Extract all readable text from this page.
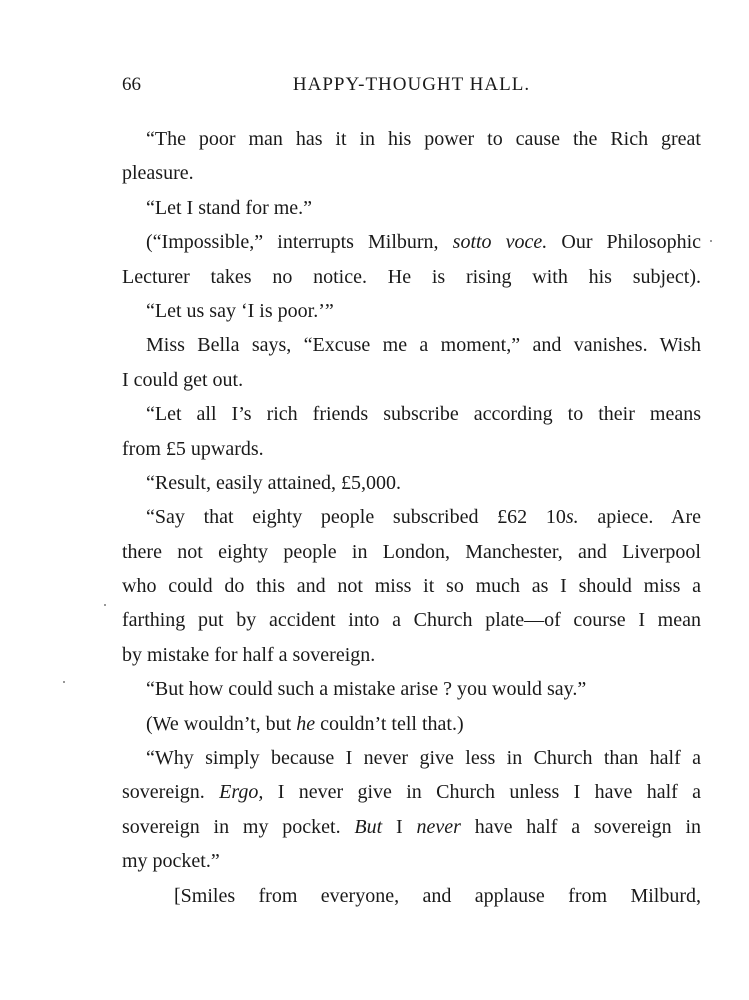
66	HAPPY-THOUGHT HALL.
“The poor man has it in his power to cause the Rich great
pleasure.
“Let I stand for me.”
(“Impossible,” interrupts Milburn, sotto voce. Our Philosophic
Lecturer takes no notice. He is rising with his subject).
“Let us say ‘I is poor.’”
Miss Bella says, “Excuse me a moment,” and vanishes. Wish
I could get out.
“Let all I’s rich friends subscribe according to their means
from £5 upwards.
“Result, easily attained, £5,000.
“Say that eighty people subscribed £62 10s. apiece. Are
there not eighty people in London, Manchester, and Liverpool
who could do this and not miss it so much as I should miss a
farthing put by accident into a Church plate—of course I mean
by mistake for half a sovereign.
“But how could such a mistake arise ? you would say.”
(We wouldn’t, but he couldn’t tell that.)
“Why simply because I never give less in Church than half a
sovereign. Ergo, I never give in Church unless I have half a
sovereign in my pocket. But I never have half a sovereign in
my pocket.”
[Smiles from everyone, and applause from Milburd,
